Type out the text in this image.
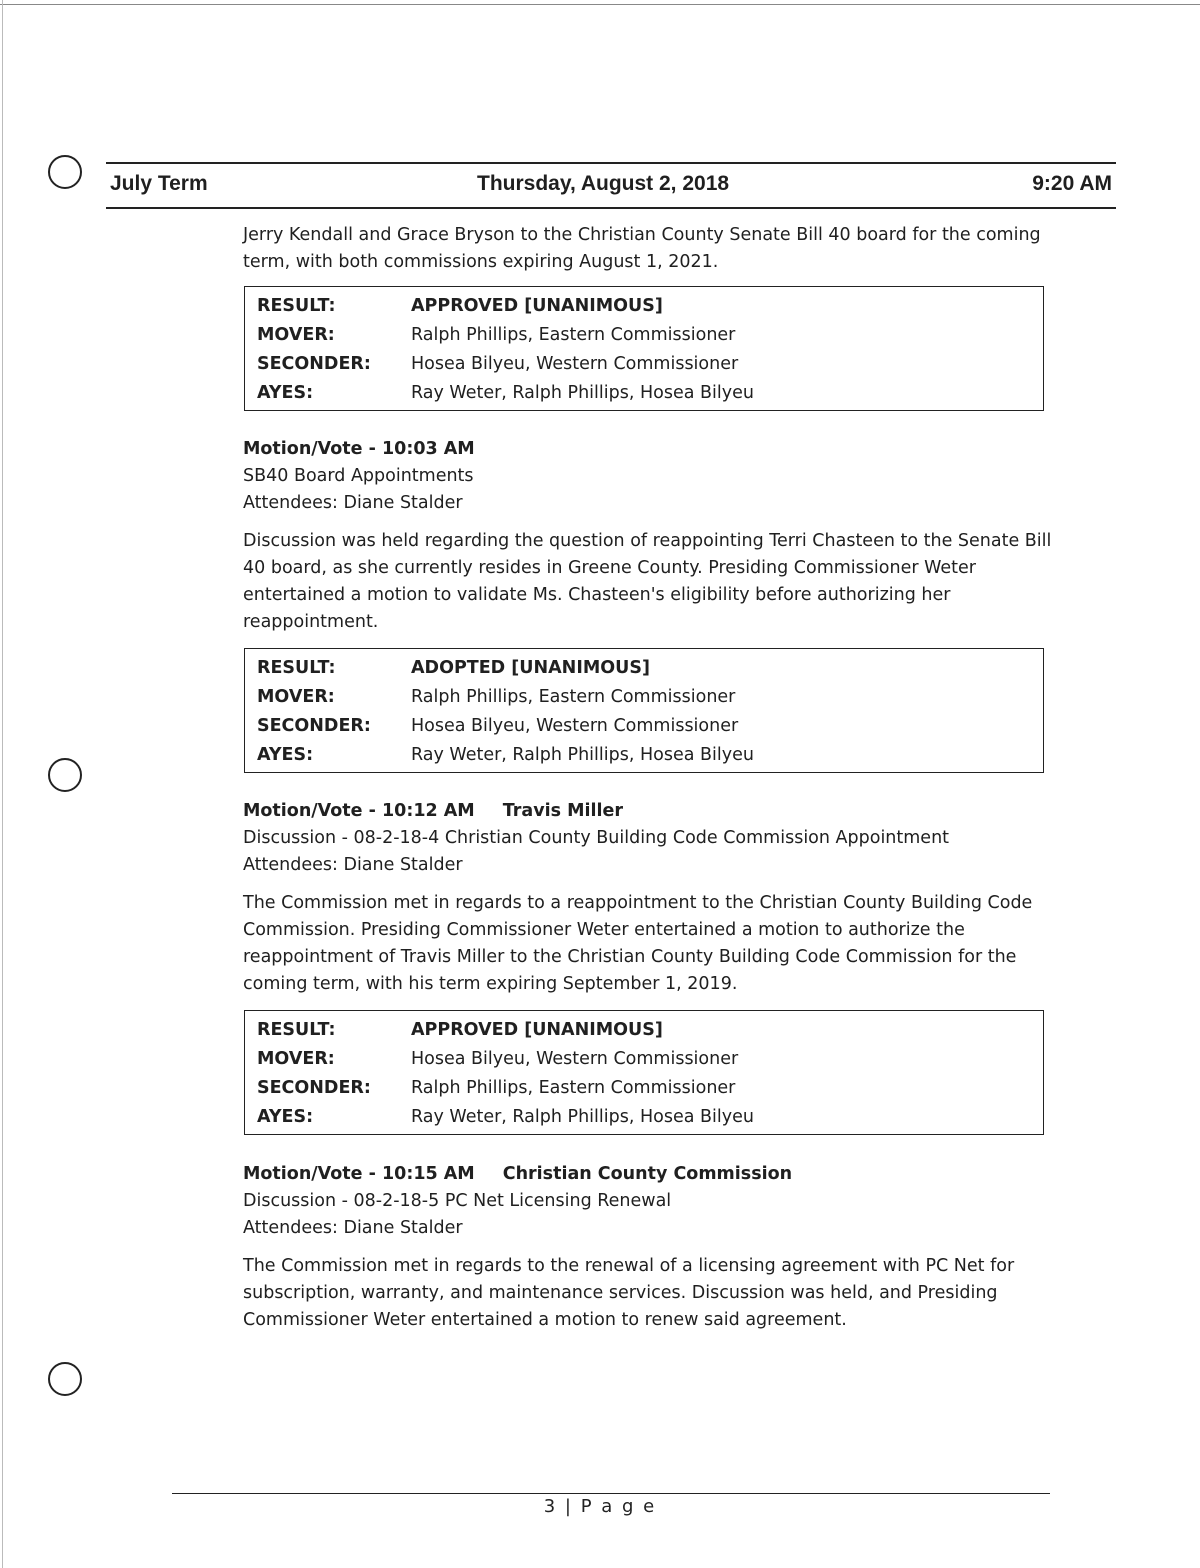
July Term	Thursday, August 2, 2018	9:20 AM
Jerry Kendall and Grace Bryson to the Christian County Senate Bill 40 board for the coming term, with both commissions expiring August 1, 2021.
RESULT:	APPROVED [UNANIMOUS]
MOVER:	Ralph Phillips, Eastern Commissioner
SECONDER:	Hosea Bilyeu, Western Commissioner
AYES:	Ray Weter, Ralph Phillips, Hosea Bilyeu
Motion/Vote - 10:03 AM
SB40 Board Appointments
Attendees: Diane Stalder
Discussion was held regarding the question of reappointing Terri Chasteen to the Senate Bill 40 board, as she currently resides in Greene County. Presiding Commissioner Weter entertained a motion to validate Ms. Chasteen's eligibility before authorizing her reappointment.
RESULT:	ADOPTED [UNANIMOUS]
MOVER:	Ralph Phillips, Eastern Commissioner
SECONDER:	Hosea Bilyeu, Western Commissioner
AYES:	Ray Weter, Ralph Phillips, Hosea Bilyeu
Motion/Vote - 10:12 AM Travis Miller
Discussion - 08-2-18-4 Christian County Building Code Commission Appointment
Attendees: Diane Stalder
The Commission met in regards to a reappointment to the Christian County Building Code Commission. Presiding Commissioner Weter entertained a motion to authorize the reappointment of Travis Miller to the Christian County Building Code Commission for the coming term, with his term expiring September 1, 2019.
RESULT:	APPROVED [UNANIMOUS]
MOVER:	Hosea Bilyeu, Western Commissioner
SECONDER:	Ralph Phillips, Eastern Commissioner
AYES:	Ray Weter, Ralph Phillips, Hosea Bilyeu
Motion/Vote - 10:15 AM Christian County Commission
Discussion - 08-2-18-5 PC Net Licensing Renewal
Attendees: Diane Stalder
The Commission met in regards to the renewal of a licensing agreement with PC Net for subscription, warranty, and maintenance services. Discussion was held, and Presiding Commissioner Weter entertained a motion to renew said agreement.
3 | P a g e
